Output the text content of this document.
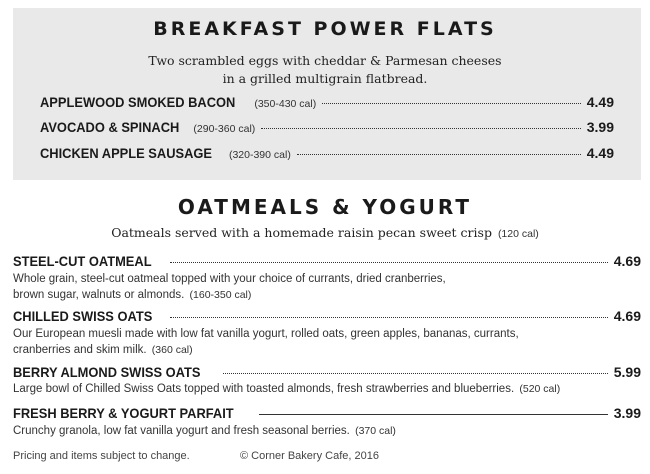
BREAKFAST POWER FLATS
Two scrambled eggs with cheddar & Parmesan cheeses
in a grilled multigrain flatbread.
APPLEWOOD SMOKED BACON (350-430 cal)	4.49
AVOCADO & SPINACH (290-360 cal)	3.99
CHICKEN APPLE SAUSAGE (320-390 cal)	4.49
OATMEALS & YOGURT
Oatmeals served with a homemade raisin pecan sweet crisp (120 cal)
STEEL-CUT OATMEAL	4.69
Whole grain, steel-cut oatmeal topped with your choice of currants, dried cranberries,
brown sugar, walnuts or almonds. (160-350 cal)
CHILLED SWISS OATS	4.69
Our European muesli made with low fat vanilla yogurt, rolled oats, green apples, bananas, currants,
cranberries and skim milk. (360 cal)
BERRY ALMOND SWISS OATS	5.99
Large bowl of Chilled Swiss Oats topped with toasted almonds, fresh strawberries and blueberries. (520 cal)
FRESH BERRY & YOGURT PARFAIT	3.99
Crunchy granola, low fat vanilla yogurt and fresh seasonal berries. (370 cal)
Pricing and items subject to change.	© Corner Bakery Cafe, 2016
